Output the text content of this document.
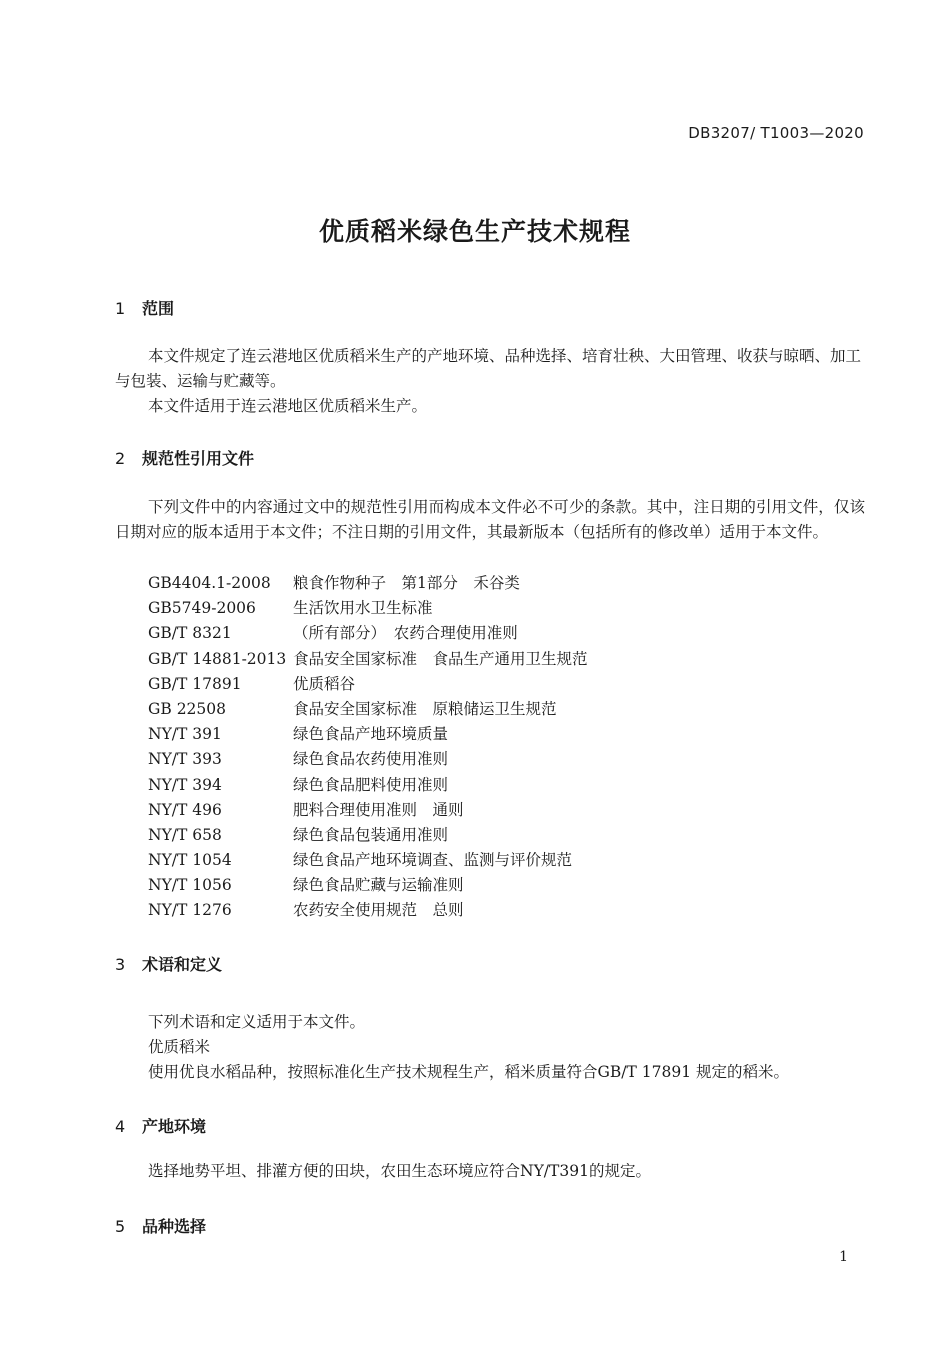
DB3207/ T1003—2020
优质稻米绿色生产技术规程
1 范围
本文件规定了连云港地区优质稻米生产的产地环境、品种选择、培育壮秧、大田管理、收获与晾晒、加工与包装、运输与贮藏等。
本文件适用于连云港地区优质稻米生产。
2 规范性引用文件
下列文件中的内容通过文中的规范性引用而构成本文件必不可少的条款。其中，注日期的引用文件，仅该日期对应的版本适用于本文件；不注日期的引用文件，其最新版本（包括所有的修改单）适用于本文件。
GB4404.1-2008 粮食作物种子　第1部分　禾谷类
GB5749-2006 生活饮用水卫生标准
GB/T 8321	（所有部分）　农药合理使用准则
GB/T 14881-2013 食品安全国家标准　食品生产通用卫生规范
GB/T 17891	优质稻谷
GB 22508	食品安全国家标准　原粮储运卫生规范
NY/T 391	绿色食品产地环境质量
NY/T 393	绿色食品农药使用准则
NY/T 394	绿色食品肥料使用准则
NY/T 496	肥料合理使用准则　通则
NY/T 658	绿色食品包装通用准则
NY/T 1054	绿色食品产地环境调查、监测与评价规范
NY/T 1056	绿色食品贮藏与运输准则
NY/T 1276	农药安全使用规范　总则
3 术语和定义
下列术语和定义适用于本文件。
优质稻米
使用优良水稻品种，按照标准化生产技术规程生产，稻米质量符合GB/T 17891 规定的稻米。
4 产地环境
选择地势平坦、排灌方便的田块，农田生态环境应符合NY/T391的规定。
5 品种选择
1
